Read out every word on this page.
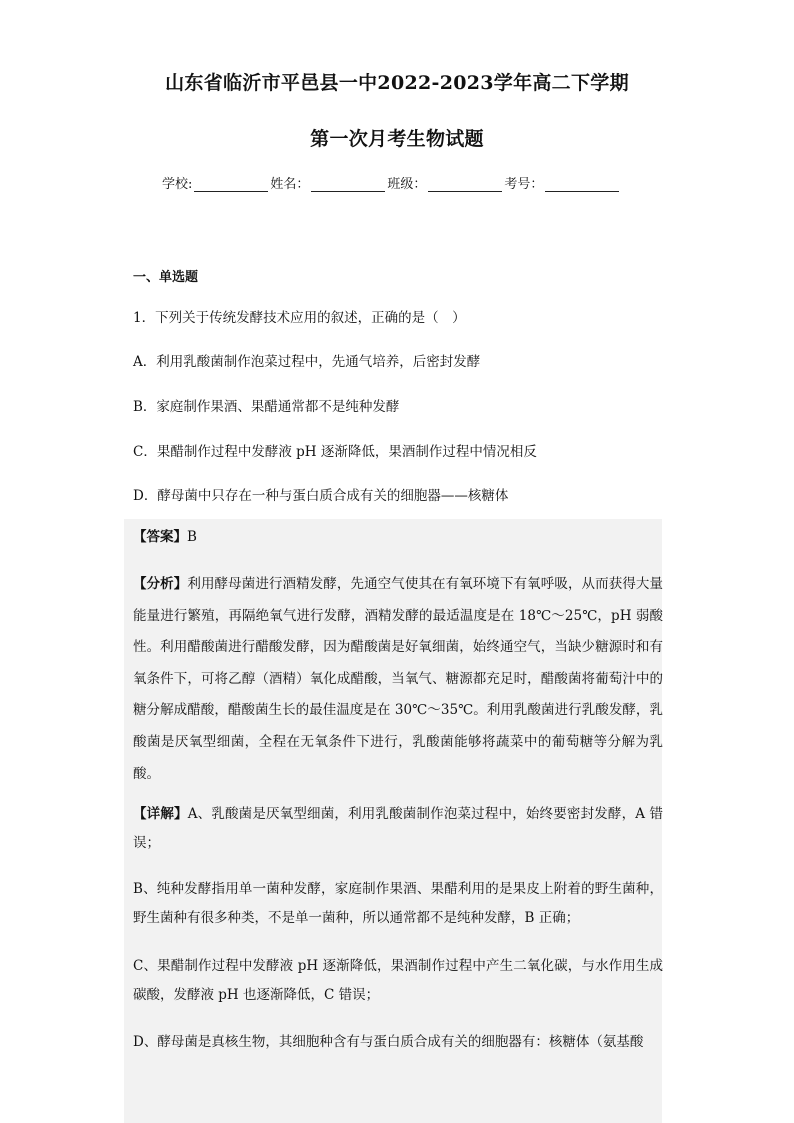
山东省临沂市平邑县一中2022-2023学年高二下学期
第一次月考生物试题
学校:	姓名：	班级：	考号：
一、单选题
1．下列关于传统发酵技术应用的叙述，正确的是（　）
A．利用乳酸菌制作泡菜过程中，先通气培养，后密封发酵
B．家庭制作果酒、果醋通常都不是纯种发酵
C．果醋制作过程中发酵液 pH 逐渐降低，果酒制作过程中情况相反
D．酵母菌中只存在一种与蛋白质合成有关的细胞器——核糖体
【答案】B
【分析】利用酵母菌进行酒精发酵，先通空气使其在有氧环境下有氧呼吸，从而获得大量能量进行繁殖，再隔绝氧气进行发酵，酒精发酵的最适温度是在 18℃～25℃，pH 弱酸性。利用醋酸菌进行醋酸发酵，因为醋酸菌是好氧细菌，始终通空气，当缺少糖源时和有氧条件下，可将乙醇（酒精）氧化成醋酸，当氧气、糖源都充足时，醋酸菌将葡萄汁中的糖分解成醋酸，醋酸菌生长的最佳温度是在 30℃～35℃。利用乳酸菌进行乳酸发酵，乳酸菌是厌氧型细菌，全程在无氧条件下进行，乳酸菌能够将蔬菜中的葡萄糖等分解为乳酸。
【详解】A、乳酸菌是厌氧型细菌，利用乳酸菌制作泡菜过程中，始终要密封发酵，A 错误；
B、纯种发酵指用单一菌种发酵，家庭制作果酒、果醋利用的是果皮上附着的野生菌种，野生菌种有很多种类，不是单一菌种，所以通常都不是纯种发酵，B 正确；
C、果醋制作过程中发酵液 pH 逐渐降低，果酒制作过程中产生二氧化碳，与水作用生成碳酸，发酵液 pH 也逐渐降低，C 错误；
D、酵母菌是真核生物，其细胞种含有与蛋白质合成有关的细胞器有：核糖体（氨基酸
